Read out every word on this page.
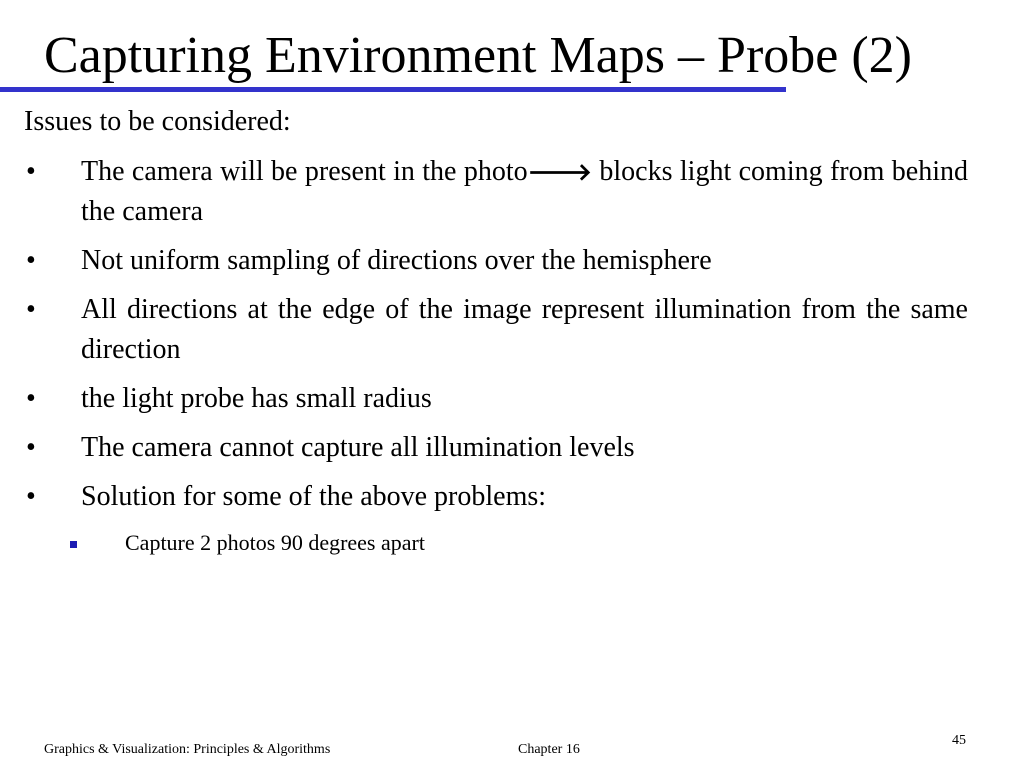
Capturing Environment Maps – Probe (2)
Issues to be considered:
•	The camera will be present in the photo🡒 blocks light coming from behind the camera
•	Not uniform sampling of directions over the hemisphere
•	All directions at the edge of the image represent illumination from the same direction
•	the light probe has small radius
•	The camera cannot capture all illumination levels
•	Solution for some of the above problems:
Capture 2 photos 90 degrees apart
Graphics & Visualization: Principles & Algorithms	Chapter 16
45
